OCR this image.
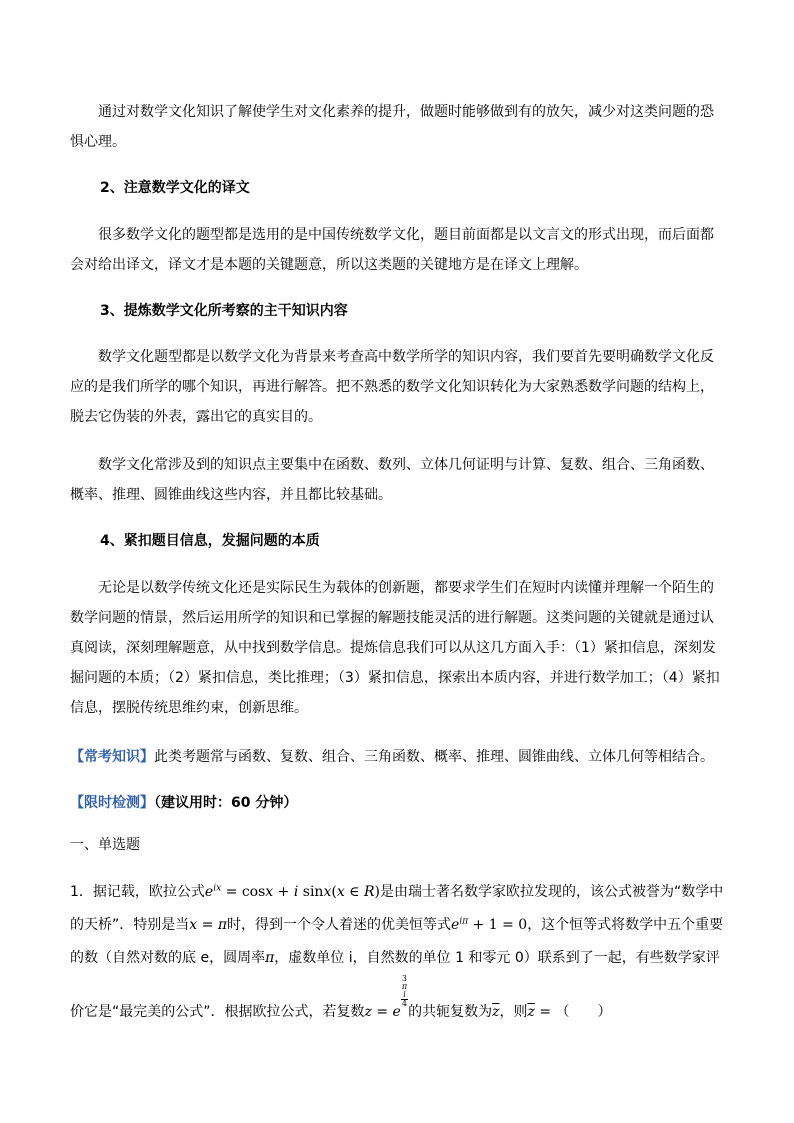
通过对数学文化知识了解使学生对文化素养的提升，做题时能够做到有的放矢，减少对这类问题的恐惧心理。

2、注意数学文化的译文

很多数学文化的题型都是选用的是中国传统数学文化，题目前面都是以文言文的形式出现，而后面都会对给出译文，译文才是本题的关键题意，所以这类题的关键地方是在译文上理解。

3、提炼数学文化所考察的主干知识内容

数学文化题型都是以数学文化为背景来考查高中数学所学的知识内容，我们要首先要明确数学文化反应的是我们所学的哪个知识，再进行解答。把不熟悉的数学文化知识转化为大家熟悉数学问题的结构上，脱去它伪装的外表，露出它的真实目的。

数学文化常涉及到的知识点主要集中在函数、数列、立体几何证明与计算、复数、组合、三角函数、概率、推理、圆锥曲线这些内容，并且都比较基础。

4、紧扣题目信息，发掘问题的本质

无论是以数学传统文化还是实际民生为载体的创新题，都要求学生们在短时内读懂并理解一个陌生的数学问题的情景，然后运用所学的知识和已掌握的解题技能灵活的进行解题。这类问题的关键就是通过认真阅读，深刻理解题意，从中找到数学信息。提炼信息我们可以从这几方面入手：（1）紧扣信息，深刻发掘问题的本质；（2）紧扣信息，类比推理；（3）紧扣信息，探索出本质内容，并进行数学加工；（4）紧扣信息，摆脱传统思维约束，创新思维。

【常考知识】此类考题常与函数、复数、组合、三角函数、概率、推理、圆锥曲线、立体几何等相结合。

【限时检测】（建议用时：60 分钟）

一、单选题

1．据记载，欧拉公式$e^{ix} = \cos x + i$ sinx(x ∈ R)是由瑞士著名数学家欧拉发现的，该公式被誉为“数学中的天桥”．特别是当x = π时，得到一个令人着迷的优美恒等式$e^{i\pi} + 1 = 0$，这个恒等式将数学中五个重要的数（自然对数的底 e，圆周率π，虚数单位 i，自然数的单位 1 和零元 0）联系到了一起，有些数学家评价它是“最完美的公式”．根据欧拉公式，若复数z = e
3
π
i
4
的共轭复数为$\overline{z}$，则$\overline{z}$ = （　　）
